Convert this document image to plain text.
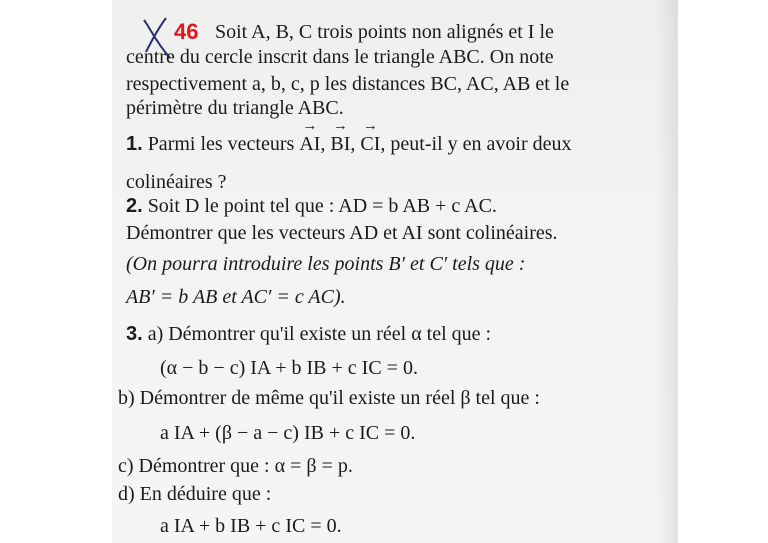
46 Soit A, B, C trois points non alignés et I le
centre du cercle inscrit dans le triangle ABC. On note
respectivement a, b, c, p les distances BC, AC, AB et le
périmètre du triangle ABC.
1. Parmi les vecteurs → AI, → BI, → CI, peut-il y en avoir deux
colinéaires ?
2. Soit D le point tel que : AD = b AB + c AC.
Démontrer que les vecteurs AD et AI sont colinéaires.
(On pourra introduire les points B′ et C′ tels que :
AB′ = b AB et AC′ = c AC).
3. a) Démontrer qu'il existe un réel α tel que :
(α − b − c) IA + b IB + c IC = 0.
b) Démontrer de même qu'il existe un réel β tel que :
a IA + (β − a − c) IB + c IC = 0.
c) Démontrer que : α = β = p.
d) En déduire que :
a IA + b IB + c IC = 0.
